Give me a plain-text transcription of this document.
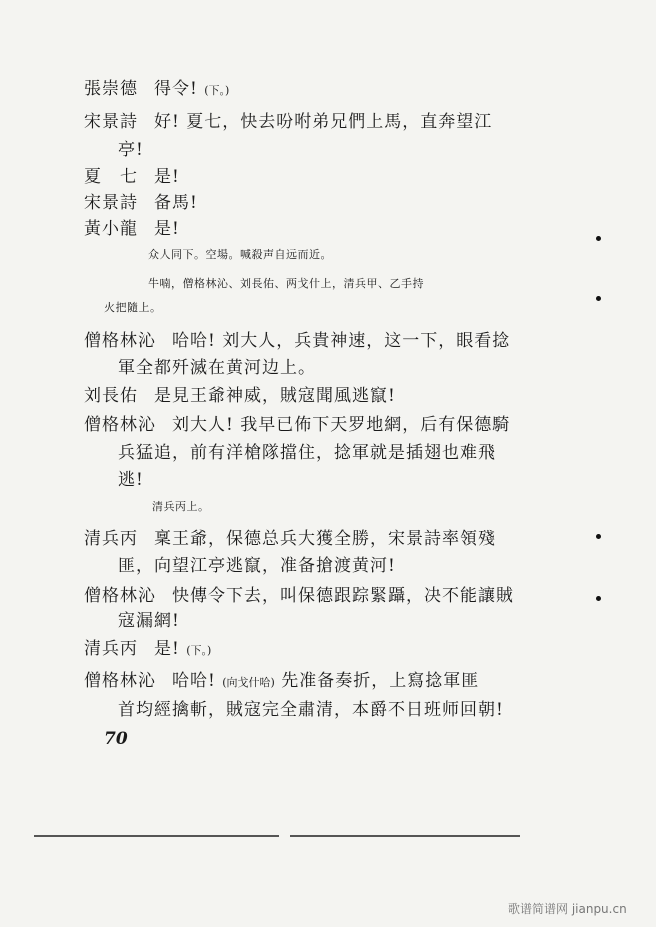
張崇德 得令! (下。)
宋景詩 好! 夏七，快去吩咐弟兄們上馬，直奔望江
亭!
夏　七 是!
宋景詩 备馬!
黃小龍 是!
众人同下。空場。喊殺声自远而近。
牛喃，僧格林沁、刘長佑、两戈什上，清兵甲、乙手持
火把隨上。
僧格林沁 哈哈! 刘大人，兵貴神速，这一下，眼看捻
軍全都歼滅在黄河边上。
刘長佑 是見王爺神威，賊寇聞風逃竄!
僧格林沁 刘大人! 我早已佈下天罗地網，后有保德騎
兵猛追，前有洋槍隊擋住，捻軍就是插翅也难飛
逃!
清兵丙上。
清兵丙 稟王爺，保德总兵大獲全勝，宋景詩率領殘
匪，向望江亭逃竄，准备搶渡黄河!
僧格林沁 快傳令下去，叫保德跟踪緊躡，决不能讓賊
寇漏網!
清兵丙 是! (下。)
僧格林沁 哈哈! (向戈什哈) 先准备奏折，上寫捻軍匪
首均經擒斬，賊寇完全肅清，本爵不日班师回朝!
70
歌谱简谱网 jianpu.cn
